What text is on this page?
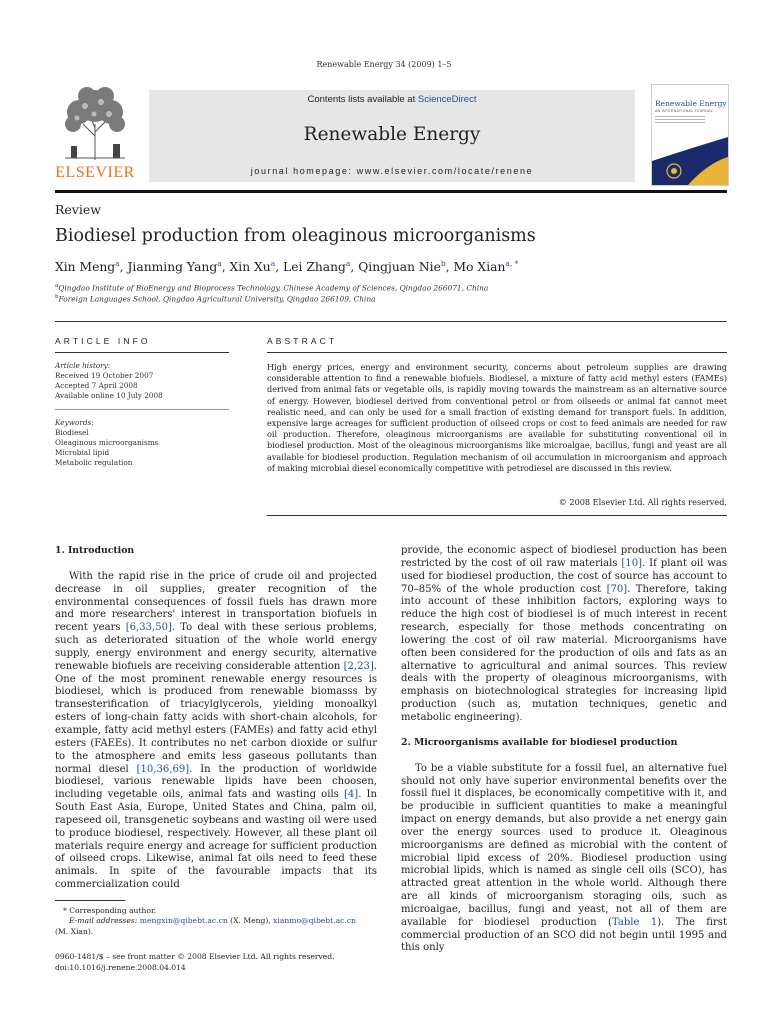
Renewable Energy 34 (2009) 1–5
ELSEVIER
Contents lists available at ScienceDirect
Renewable Energy
journal homepage: www.elsevier.com/locate/renene
Renewable Energy
AN INTERNATIONAL JOURNAL
Review
Biodiesel production from oleaginous microorganisms
Xin Meng$^a$, Jianming Yang$^a$, Xin Xu$^a$, Lei Zhang$^a$, Qingjuan Nie$^b$, Mo Xian$^{a, *}$
$^a$Qingdao Institute of BioEnergy and Bioprocess Technology, Chinese Academy of Sciences, Qingdao 266071, China
$^b$Foreign Languages School, Qingdao Agricultural University, Qingdao 266109, China
ARTICLE INFO	ABSTRACT
Article history:
Received 19 October 2007
Accepted 7 April 2008
Available online 10 July 2008
Keywords:
Biodiesel
Oleaginous microorganisms
Microbial lipid
Metabolic regulation
High energy prices, energy and environment security, concerns about petroleum supplies are drawing considerable attention to find a renewable biofuels. Biodiesel, a mixture of fatty acid methyl esters (FAMEs) derived from animal fats or vegetable oils, is rapidly moving towards the mainstream as an alternative source of energy. However, biodiesel derived from conventional petrol or from oilseeds or animal fat cannot meet realistic need, and can only be used for a small fraction of existing demand for transport fuels. In addition, expensive large acreages for sufficient production of oilseed crops or cost to feed animals are needed for raw oil production. Therefore, oleaginous microorganisms are available for substituting conventional oil in biodiesel production. Most of the oleaginous microorganisms like microalgae, bacillus, fungi and yeast are all available for biodiesel production. Regulation mechanism of oil accumulation in microorganism and approach of making microbial diesel economically competitive with petrodiesel are discussed in this review.
© 2008 Elsevier Ltd. All rights reserved.

1. Introduction

With the rapid rise in the price of crude oil and projected decrease in oil supplies, greater recognition of the environmental consequences of fossil fuels has drawn more and more researchers' interest in transportation biofuels in recent years [6,33,50]. To deal with these serious problems, such as deteriorated situation of the whole world energy supply, energy environment and energy security, alternative renewable biofuels are receiving considerable attention [2,23]. One of the most prominent renewable energy resources is biodiesel, which is produced from renewable biomasss by transesterification of triacylglycerols, yielding monoalkyl esters of long-chain fatty acids with short-chain alcohols, for example, fatty acid methyl esters (FAMEs) and fatty acid ethyl esters (FAEEs). It contributes no net carbon dioxide or sulfur to the atmosphere and emits less gaseous pollutants than normal diesel [10,36,69]. In the production of worldwide biodiesel, various renewable lipids have been choosen, including vegetable oils, animal fats and wasting oils [4]. In South East Asia, Europe, United States and China, palm oil, rapeseed oil, transgenetic soybeans and wasting oil were used to produce biodiesel, respectively. However, all these plant oil materials require energy and acreage for sufficient production of oilseed crops. Likewise, animal fat oils need to feed these animals. In spite of the favourable impacts that its commercialization could

provide, the economic aspect of biodiesel production has been restricted by the cost of oil raw materials [10]. If plant oil was used for biodiesel production, the cost of source has account to 70–85% of the whole production cost [70]. Therefore, taking into account of these inhibition factors, exploring ways to reduce the high cost of biodiesel is of much interest in recent research, especially for those methods concentrating on lowering the cost of oil raw material. Microorganisms have often been considered for the production of oils and fats as an alternative to agricultural and animal sources. This review deals with the property of oleaginous microorganisms, with emphasis on biotechnological strategies for increasing lipid production (such as, mutation techniques, genetic and metabolic engineering).

2. Microorganisms available for biodiesel production

To be a viable substitute for a fossil fuel, an alternative fuel should not only have superior environmental benefits over the fossil fuel it displaces, be economically competitive with it, and be producible in sufficient quantities to make a meaningful impact on energy demands, but also provide a net energy gain over the energy sources used to produce it. Oleaginous microorganisms are defined as microbial with the content of microbial lipid excess of 20%. Biodiesel production using microbial lipids, which is named as single cell oils (SCO), has attracted great attention in the whole world. Although there are all kinds of microorganism storaging oils, such as microalgae, bacillus, fungi and yeast, not all of them are available for biodiesel production (Table 1). The first commercial production of an SCO did not begin until 1995 and this only

* Corresponding author.
E-mail addresses: mengxin@qibebt.ac.cn (X. Meng), xianmo@qibebt.ac.cn
(M. Xian).
0960-1481/$ – see front matter © 2008 Elsevier Ltd. All rights reserved.
doi:10.1016/j.renene.2008.04.014
